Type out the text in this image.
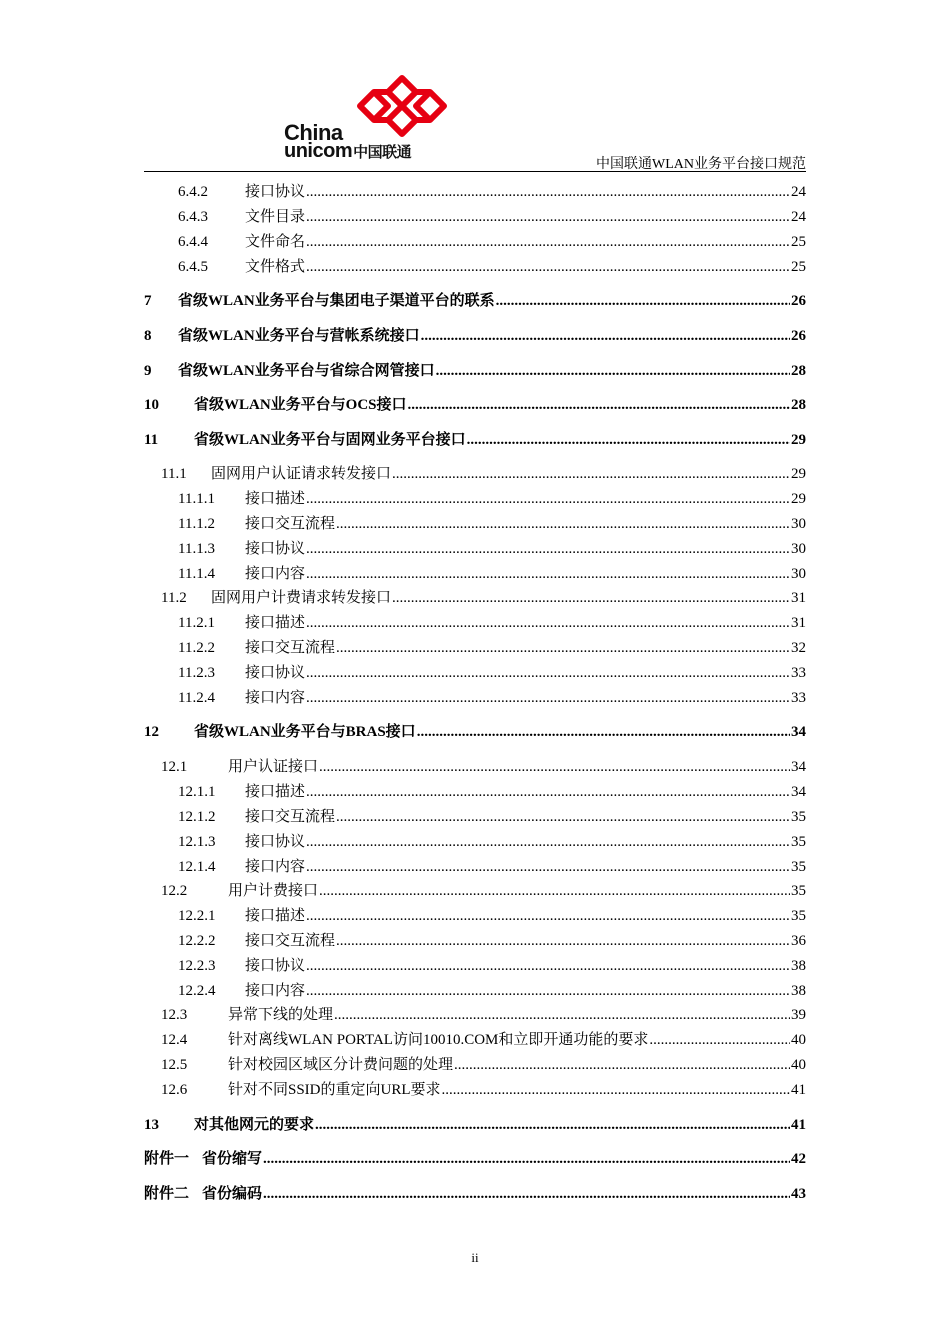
China
unicom中国联通
中国联通WLAN业务平台接口规范
6.4.2	接口协议 .....	24
6.4.3	文件目录 .....	24
6.4.4	文件命名 .....	25
6.4.5	文件格式 .....	25
7	省级WLAN业务平台与集团电子渠道平台的联系 .....	26
8	省级WLAN业务平台与营帐系统接口 .....	26
9	省级WLAN业务平台与省综合网管接口 .....	28
10	省级WLAN业务平台与OCS接口 .....	28
11	省级WLAN业务平台与固网业务平台接口 .....	29
11.1	固网用户认证请求转发接口 .....	29
11.1.1	接口描述 .....	29
11.1.2	接口交互流程 .....	30
11.1.3	接口协议 .....	30
11.1.4	接口内容 .....	30
11.2	固网用户计费请求转发接口 .....	31
11.2.1	接口描述 .....	31
11.2.2	接口交互流程 .....	32
11.2.3	接口协议 .....	33
11.2.4	接口内容 .....	33
12	省级WLAN业务平台与BRAS接口 .....	34
12.1	用户认证接口 .....	34
12.1.1	接口描述 .....	34
12.1.2	接口交互流程 .....	35
12.1.3	接口协议 .....	35
12.1.4	接口内容 .....	35
12.2	用户计费接口 .....	35
12.2.1	接口描述 .....	35
12.2.2	接口交互流程 .....	36
12.2.3	接口协议 .....	38
12.2.4	接口内容 .....	38
12.3	异常下线的处理 .....	39
12.4	针对离线WLAN PORTAL访问10010.COM和立即开通功能的要求 .....	40
12.5	针对校园区域区分计费问题的处理 .....	40
12.6	针对不同SSID的重定向URL要求 .....	41
13	对其他网元的要求 .....	41
附件一 省份缩写 .....	42
附件二 省份编码 .....	43
ii
